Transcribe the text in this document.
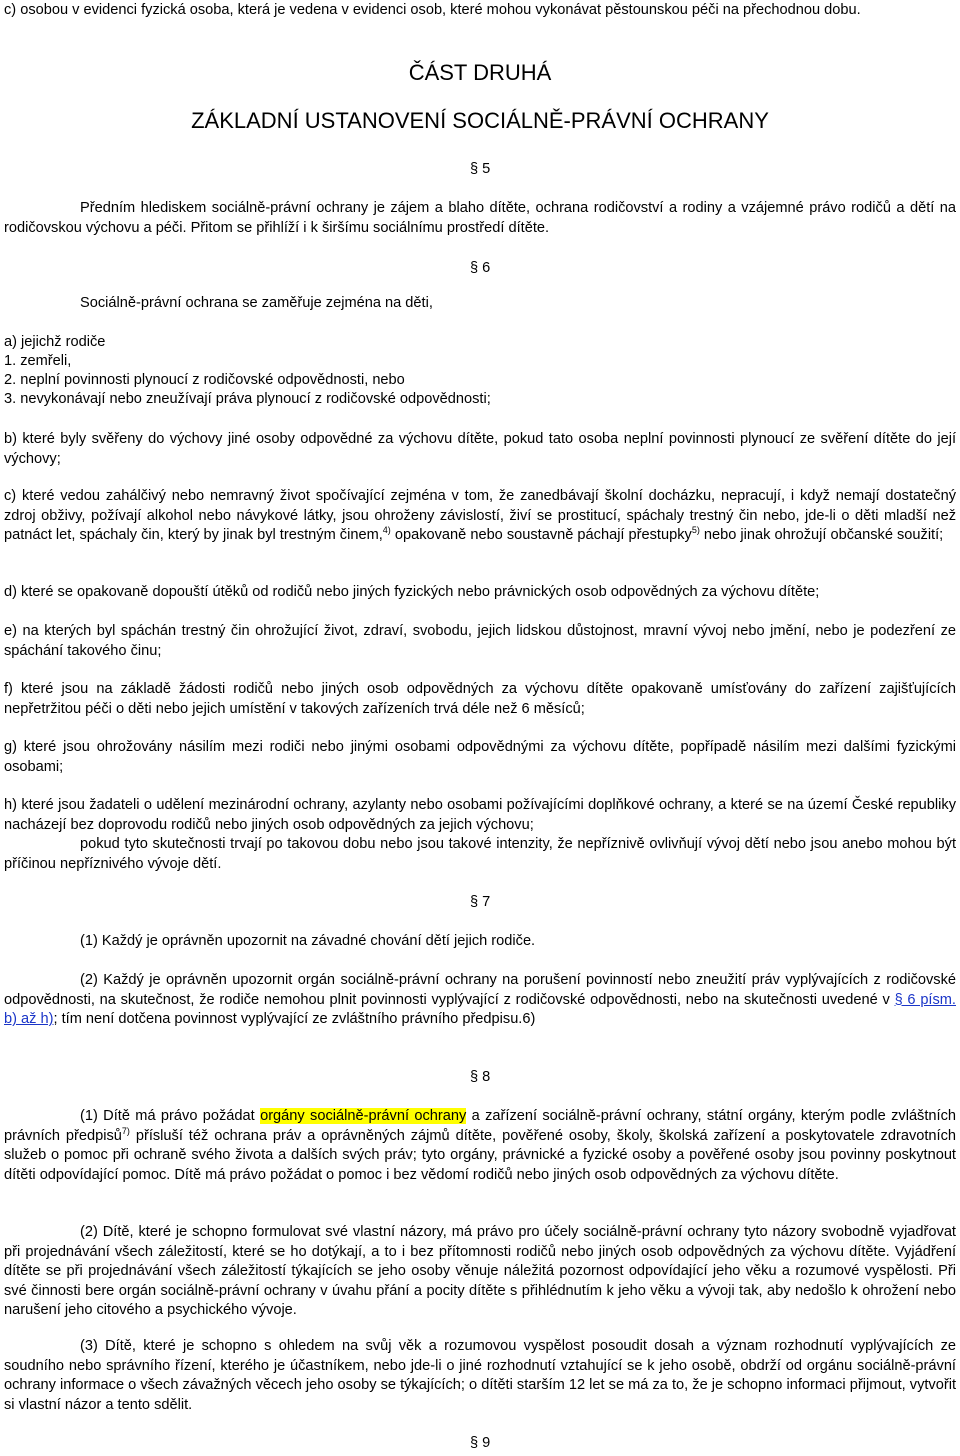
c) osobou v evidenci fyzická osoba, která je vedena v evidenci osob, které mohou vykonávat pěstounskou péči na přechodnou dobu.

ČÁST DRUHÁ
ZÁKLADNÍ USTANOVENÍ SOCIÁLNĚ-PRÁVNÍ OCHRANY
§ 5

Předním hlediskem sociálně-právní ochrany je zájem a blaho dítěte, ochrana rodičovství a rodiny a vzájemné právo rodičů a dětí na rodičovskou výchovu a péči. Přitom se přihlíží i k širšímu sociálnímu prostředí dítěte.

§ 6

Sociálně-právní ochrana se zaměřuje zejména na děti,

a) jejichž rodiče
1. zemřeli,
2. neplní povinnosti plynoucí z rodičovské odpovědnosti, nebo
3. nevykonávají nebo zneužívají práva plynoucí z rodičovské odpovědnosti;

b) které byly svěřeny do výchovy jiné osoby odpovědné za výchovu dítěte, pokud tato osoba neplní povinnosti plynoucí ze svěření dítěte do její výchovy;

c) které vedou zahálčivý nebo nemravný život spočívající zejména v tom, že zanedbávají školní docházku, nepracují, i když nemají dostatečný zdroj obživy, požívají alkohol nebo návykové látky, jsou ohroženy závislostí, živí se prostitucí, spáchaly trestný čin nebo, jde-li o děti mladší než patnáct let, spáchaly čin, který by jinak byl trestným činem,$^{4)}$ opakovaně nebo soustavně páchají přestupky$^{5)}$ nebo jinak ohrožují občanské soužití;

d) které se opakovaně dopouští útěků od rodičů nebo jiných fyzických nebo právnických osob odpovědných za výchovu dítěte;

e) na kterých byl spáchán trestný čin ohrožující život, zdraví, svobodu, jejich lidskou důstojnost, mravní vývoj nebo jmění, nebo je podezření ze spáchání takového činu;

f) které jsou na základě žádosti rodičů nebo jiných osob odpovědných za výchovu dítěte opakovaně umísťovány do zařízení zajišťujících nepřetržitou péči o děti nebo jejich umístění v takových zařízeních trvá déle než 6 měsíců;

g) které jsou ohrožovány násilím mezi rodiči nebo jinými osobami odpovědnými za výchovu dítěte, popřípadě násilím mezi dalšími fyzickými osobami;

h) které jsou žadateli o udělení mezinárodní ochrany, azylanty nebo osobami požívajícími doplňkové ochrany, a které se na území České republiky nacházejí bez doprovodu rodičů nebo jiných osob odpovědných za jejich výchovu;

pokud tyto skutečnosti trvají po takovou dobu nebo jsou takové intenzity, že nepříznivě ovlivňují vývoj dětí nebo jsou anebo mohou být příčinou nepříznivého vývoje dětí.

§ 7

(1) Každý je oprávněn upozornit na závadné chování dětí jejich rodiče.

(2) Každý je oprávněn upozornit orgán sociálně-právní ochrany na porušení povinností nebo zneužití práv vyplývajících z rodičovské odpovědnosti, na skutečnost, že rodiče nemohou plnit povinnosti vyplývající z rodičovské odpovědnosti, nebo na skutečnosti uvedené v § 6 písm. b) až h); tím není dotčena povinnost vyplývající ze zvláštního právního předpisu.6)

§ 8

(1) Dítě má právo požádat orgány sociálně-právní ochrany a zařízení sociálně-právní ochrany, státní orgány, kterým podle zvláštních právních předpisů$^{7)}$ přísluší též ochrana práv a oprávněných zájmů dítěte, pověřené osoby, školy, školská zařízení a poskytovatele zdravotních služeb o pomoc při ochraně svého života a dalších svých práv; tyto orgány, právnické a fyzické osoby a pověřené osoby jsou povinny poskytnout dítěti odpovídající pomoc. Dítě má právo požádat o pomoc i bez vědomí rodičů nebo jiných osob odpovědných za výchovu dítěte.

(2) Dítě, které je schopno formulovat své vlastní názory, má právo pro účely sociálně-právní ochrany tyto názory svobodně vyjadřovat při projednávání všech záležitostí, které se ho dotýkají, a to i bez přítomnosti rodičů nebo jiných osob odpovědných za výchovu dítěte. Vyjádření dítěte se při projednávání všech záležitostí týkajících se jeho osoby věnuje náležitá pozornost odpovídající jeho věku a rozumové vyspělosti. Při své činnosti bere orgán sociálně-právní ochrany v úvahu přání a pocity dítěte s přihlédnutím k jeho věku a vývoji tak, aby nedošlo k ohrožení nebo narušení jeho citového a psychického vývoje.

(3) Dítě, které je schopno s ohledem na svůj věk a rozumovou vyspělost posoudit dosah a význam rozhodnutí vyplývajících ze soudního nebo správního řízení, kterého je účastníkem, nebo jde-li o jiné rozhodnutí vztahující se k jeho osobě, obdrží od orgánu sociálně-právní ochrany informace o všech závažných věcech jeho osoby se týkajících; o dítěti starším 12 let se má za to, že je schopno informaci přijmout, vytvořit si vlastní názor a tento sdělit.

§ 9
